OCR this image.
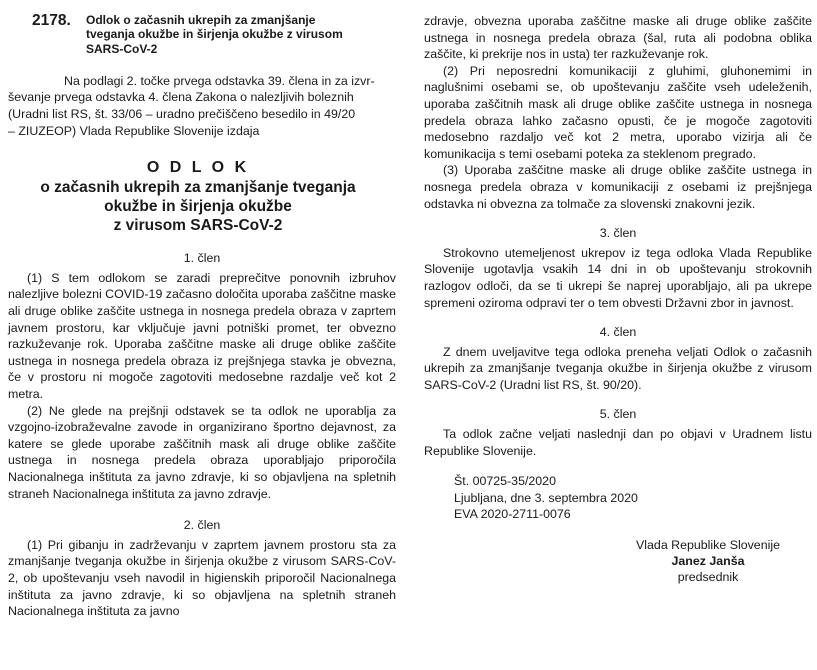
2178.	Odlok o začasnih ukrepih za zmanjšanje
tveganja okužbe in širjenja okužbe z virusom
SARS-CoV-2
Na podlagi 2. točke prvega odstavka 39. člena in za izvr-
ševanje prvega odstavka 4. člena Zakona o nalezljivih boleznih
(Uradni list RS, št. 33/06 – uradno prečiščeno besedilo in 49/20
– ZIUZEOP) Vlada Republike Slovenije izdaja
O D L O K
o začasnih ukrepih za zmanjšanje tveganja
okužbe in širjenja okužbe
z virusom SARS-CoV-2
1. člen

(1) S tem odlokom se zaradi preprečitve ponovnih izbruhov nalezljive bolezni COVID-19 začasno določita uporaba zaščitne maske ali druge oblike zaščite ustnega in nosnega predela obraza v zaprtem javnem prostoru, kar vključuje javni potniški promet, ter obvezno razkuževanje rok. Uporaba zaščitne maske ali druge oblike zaščite ustnega in nosnega predela obraza iz prejšnjega stavka je obvezna, če v prostoru ni mogoče zagotoviti medosebne razdalje več kot 2 metra.

(2) Ne glede na prejšnji odstavek se ta odlok ne uporablja za vzgojno-izobraževalne zavode in organizirano športno dejavnost, za katere se glede uporabe zaščitnih mask ali druge oblike zaščite ustnega in nosnega predela obraza uporabljajo priporočila Nacionalnega inštituta za javno zdravje, ki so objavljena na spletnih straneh Nacionalnega inštituta za javno zdravje.

2. člen

(1) Pri gibanju in zadrževanju v zaprtem javnem prostoru sta za zmanjšanje tveganja okužbe in širjenja okužbe z virusom SARS-CoV-2, ob upoštevanju vseh navodil in higienskih priporočil Nacionalnega inštituta za javno zdravje, ki so objavljena na spletnih straneh Nacionalnega inštituta za javno

zdravje, obvezna uporaba zaščitne maske ali druge oblike zaščite ustnega in nosnega predela obraza (šal, ruta ali podobna oblika zaščite, ki prekrije nos in usta) ter razkuževanje rok.

(2) Pri neposredni komunikaciji z gluhimi, gluhonemimi in naglušnimi osebami se, ob upoštevanju zaščite vseh udeleženih, uporaba zaščitnih mask ali druge oblike zaščite ustnega in nosnega predela obraza lahko začasno opusti, če je mogoče zagotoviti medosebno razdaljo več kot 2 metra, uporabo vizirja ali če komunikacija s temi osebami poteka za steklenom pregrado.

(3) Uporaba zaščitne maske ali druge oblike zaščite ustnega in nosnega predela obraza v komunikaciji z osebami iz prejšnjega odstavka ni obvezna za tolmače za slovenski znakovni jezik.

3. člen

Strokovno utemeljenost ukrepov iz tega odloka Vlada Republike Slovenije ugotavlja vsakih 14 dni in ob upoštevanju strokovnih razlogov odloči, da se ti ukrepi še naprej uporabljajo, ali pa ukrepe spremeni oziroma odpravi ter o tem obvesti Državni zbor in javnost.

4. člen

Z dnem uveljavitve tega odloka preneha veljati Odlok o začasnih ukrepih za zmanjšanje tveganja okužbe in širjenja okužbe z virusom SARS-CoV-2 (Uradni list RS, št. 90/20).

5. člen

Ta odlok začne veljati naslednji dan po objavi v Uradnem listu Republike Slovenije.

Št. 00725-35/2020
Ljubljana, dne 3. septembra 2020
EVA 2020-2711-0076
Vlada Republike Slovenije
Janez Janša
predsednik
